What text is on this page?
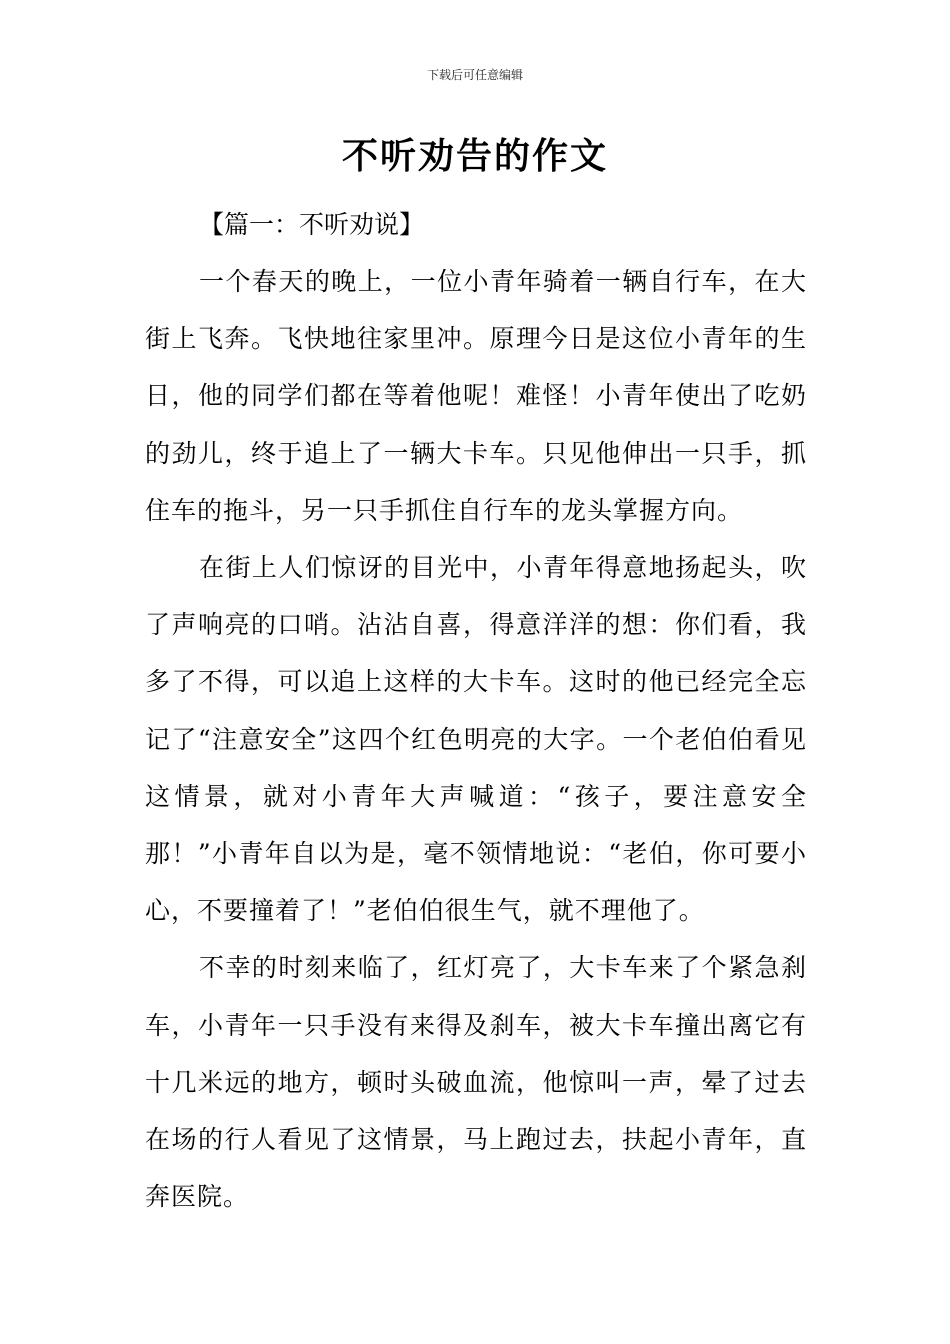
下载后可任意编辑
不听劝告的作文

【篇一：不听劝说】

一个春天的晚上，一位小青年骑着一辆自行车，在大街上飞奔。飞快地往家里冲。原理今日是这位小青年的生日，他的同学们都在等着他呢！难怪！小青年使出了吃奶的劲儿，终于追上了一辆大卡车。只见他伸出一只手，抓住车的拖斗，另一只手抓住自行车的龙头掌握方向。

在街上人们惊讶的目光中，小青年得意地扬起头，吹了声响亮的口哨。沾沾自喜，得意洋洋的想：你们看，我多了不得，可以追上这样的大卡车。这时的他已经完全忘记了“注意安全”这四个红色明亮的大字。一个老伯伯看见这情景，就对小青年大声喊道：“孩子，要注意安全那！”小青年自以为是，毫不领情地说：“老伯，你可要小心，不要撞着了！”老伯伯很生气，就不理他了。

不幸的时刻来临了，红灯亮了，大卡车来了个紧急刹车，小青年一只手没有来得及刹车，被大卡车撞出离它有十几米远的地方，顿时头破血流，他惊叫一声，晕了过去在场的行人看见了这情景，马上跑过去，扶起小青年，直奔医院。
